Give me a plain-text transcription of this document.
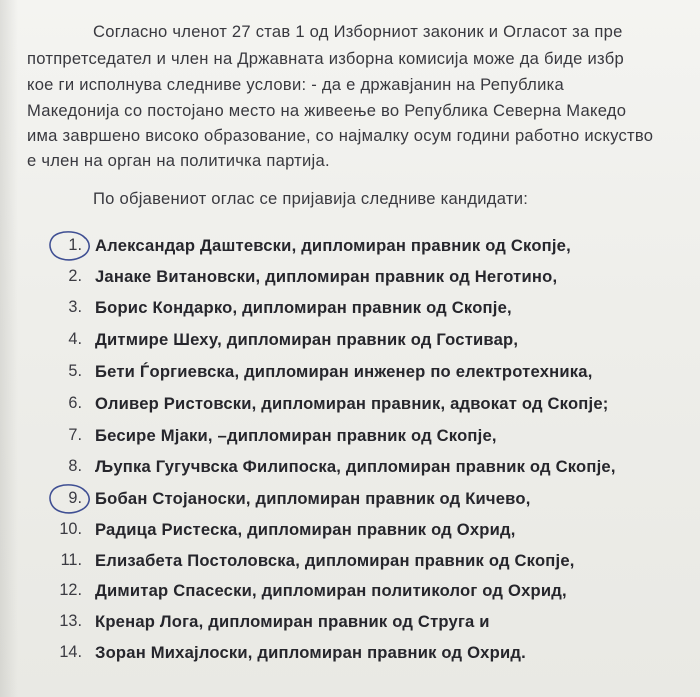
Согласно членот 27 став 1 од Изборниот законик и Огласот за пре
потпретседател и член на Државната изборна комисија може да биде избр
кое ги исполнува следниве услови: - да е државјанин на Република
Македонија со постојано место на живеење во Република Северна Македо
има завршено високо образование, со најмалку осум години работно искуство
е член на орган на политичка партија.
По објавениот оглас се пријавија следниве кандидати:
1. Александар Даштевски, дипломиран правник од Скопје,
2. Јанаке Витановски, дипломиран правник од Неготино,
3. Борис Кондарко, дипломиран правник од Скопје,
4. Дитмире Шеху, дипломиран правник од Гостивар,
5. Бети Ѓоргиевска, дипломиран инженер по електротехника,
6. Оливер Ристовски, дипломиран правник, адвокат од Скопје;
7. Бесире Мјаки, –дипломиран правник од Скопје,
8. Љупка Гугучвска Филипоска, дипломиран правник од Скопје,
9. Бобан Стојаноски, дипломиран правник од Кичево,
10. Радица Ристеска, дипломиран правник од Охрид,
11. Елизабета Постоловска, дипломиран правник од Скопје,
12. Димитар Спасески, дипломиран политиколог од Охрид,
13. Кренар Лога, дипломиран правник од Струга и
14. Зоран Михајлоски, дипломиран правник од Охрид.
